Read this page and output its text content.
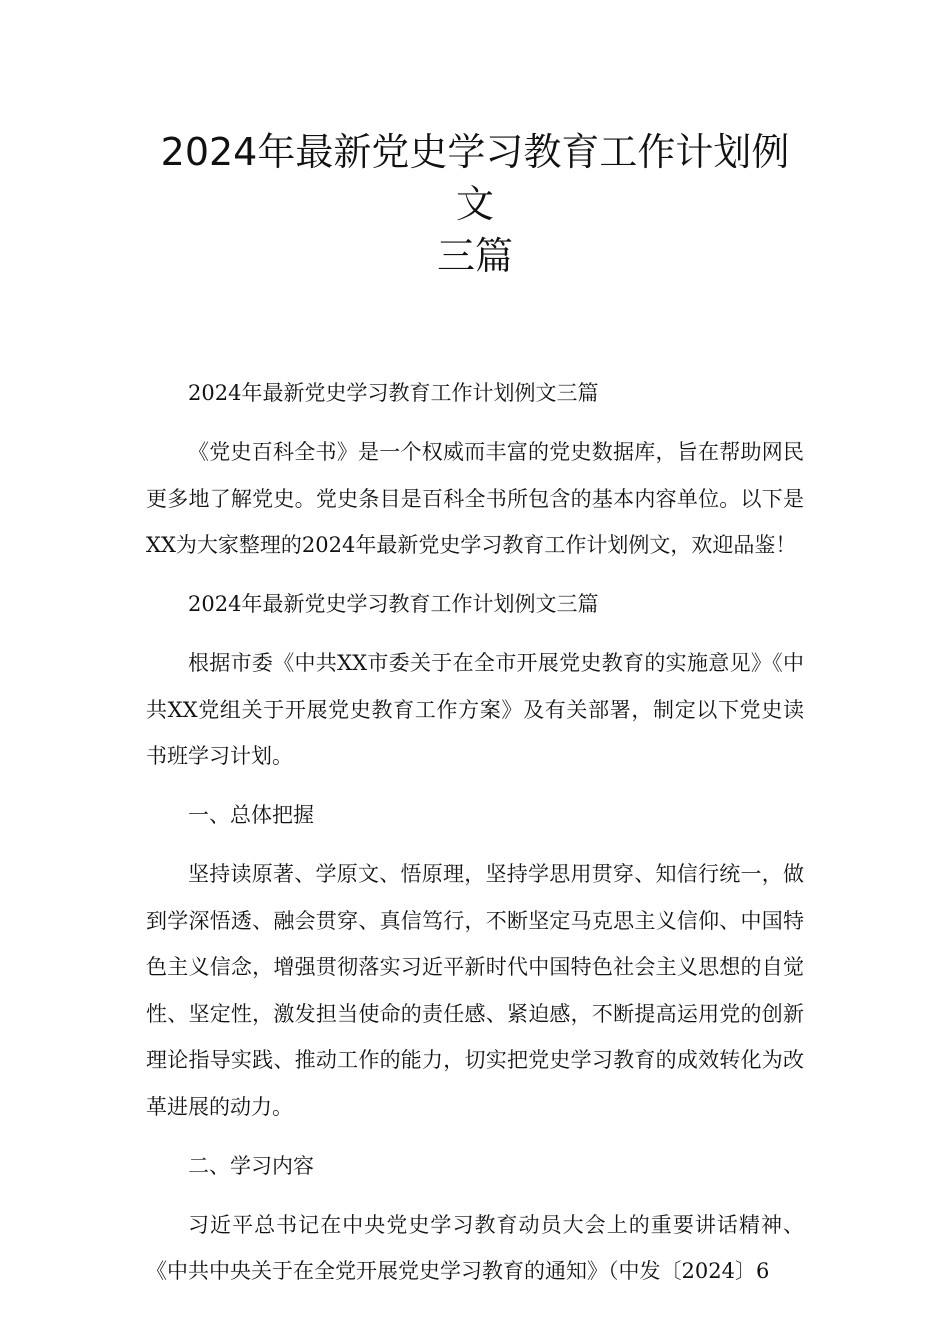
2024年最新党史学习教育工作计划例文
三篇

2024年最新党史学习教育工作计划例文三篇

《党史百科全书》是一个权威而丰富的党史数据库，旨在帮助网民更多地了解党史。党史条目是百科全书所包含的基本内容单位。以下是XX为大家整理的2024年最新党史学习教育工作计划例文，欢迎品鉴！

2024年最新党史学习教育工作计划例文三篇

根据市委《中共XX市委关于在全市开展党史教育的实施意见》《中共XX党组关于开展党史教育工作方案》及有关部署，制定以下党史读书班学习计划。

一、总体把握

坚持读原著、学原文、悟原理，坚持学思用贯穿、知信行统一，做到学深悟透、融会贯穿、真信笃行，不断坚定马克思主义信仰、中国特色主义信念，增强贯彻落实习近平新时代中国特色社会主义思想的自觉性、坚定性，激发担当使命的责任感、紧迫感，不断提高运用党的创新理论指导实践、推动工作的能力，切实把党史学习教育的成效转化为改革进展的动力。

二、学习内容

习近平总书记在中央党史学习教育动员大会上的重要讲话精神、《中共中央关于在全党开展党史学习教育的通知》（中发〔2024〕6
